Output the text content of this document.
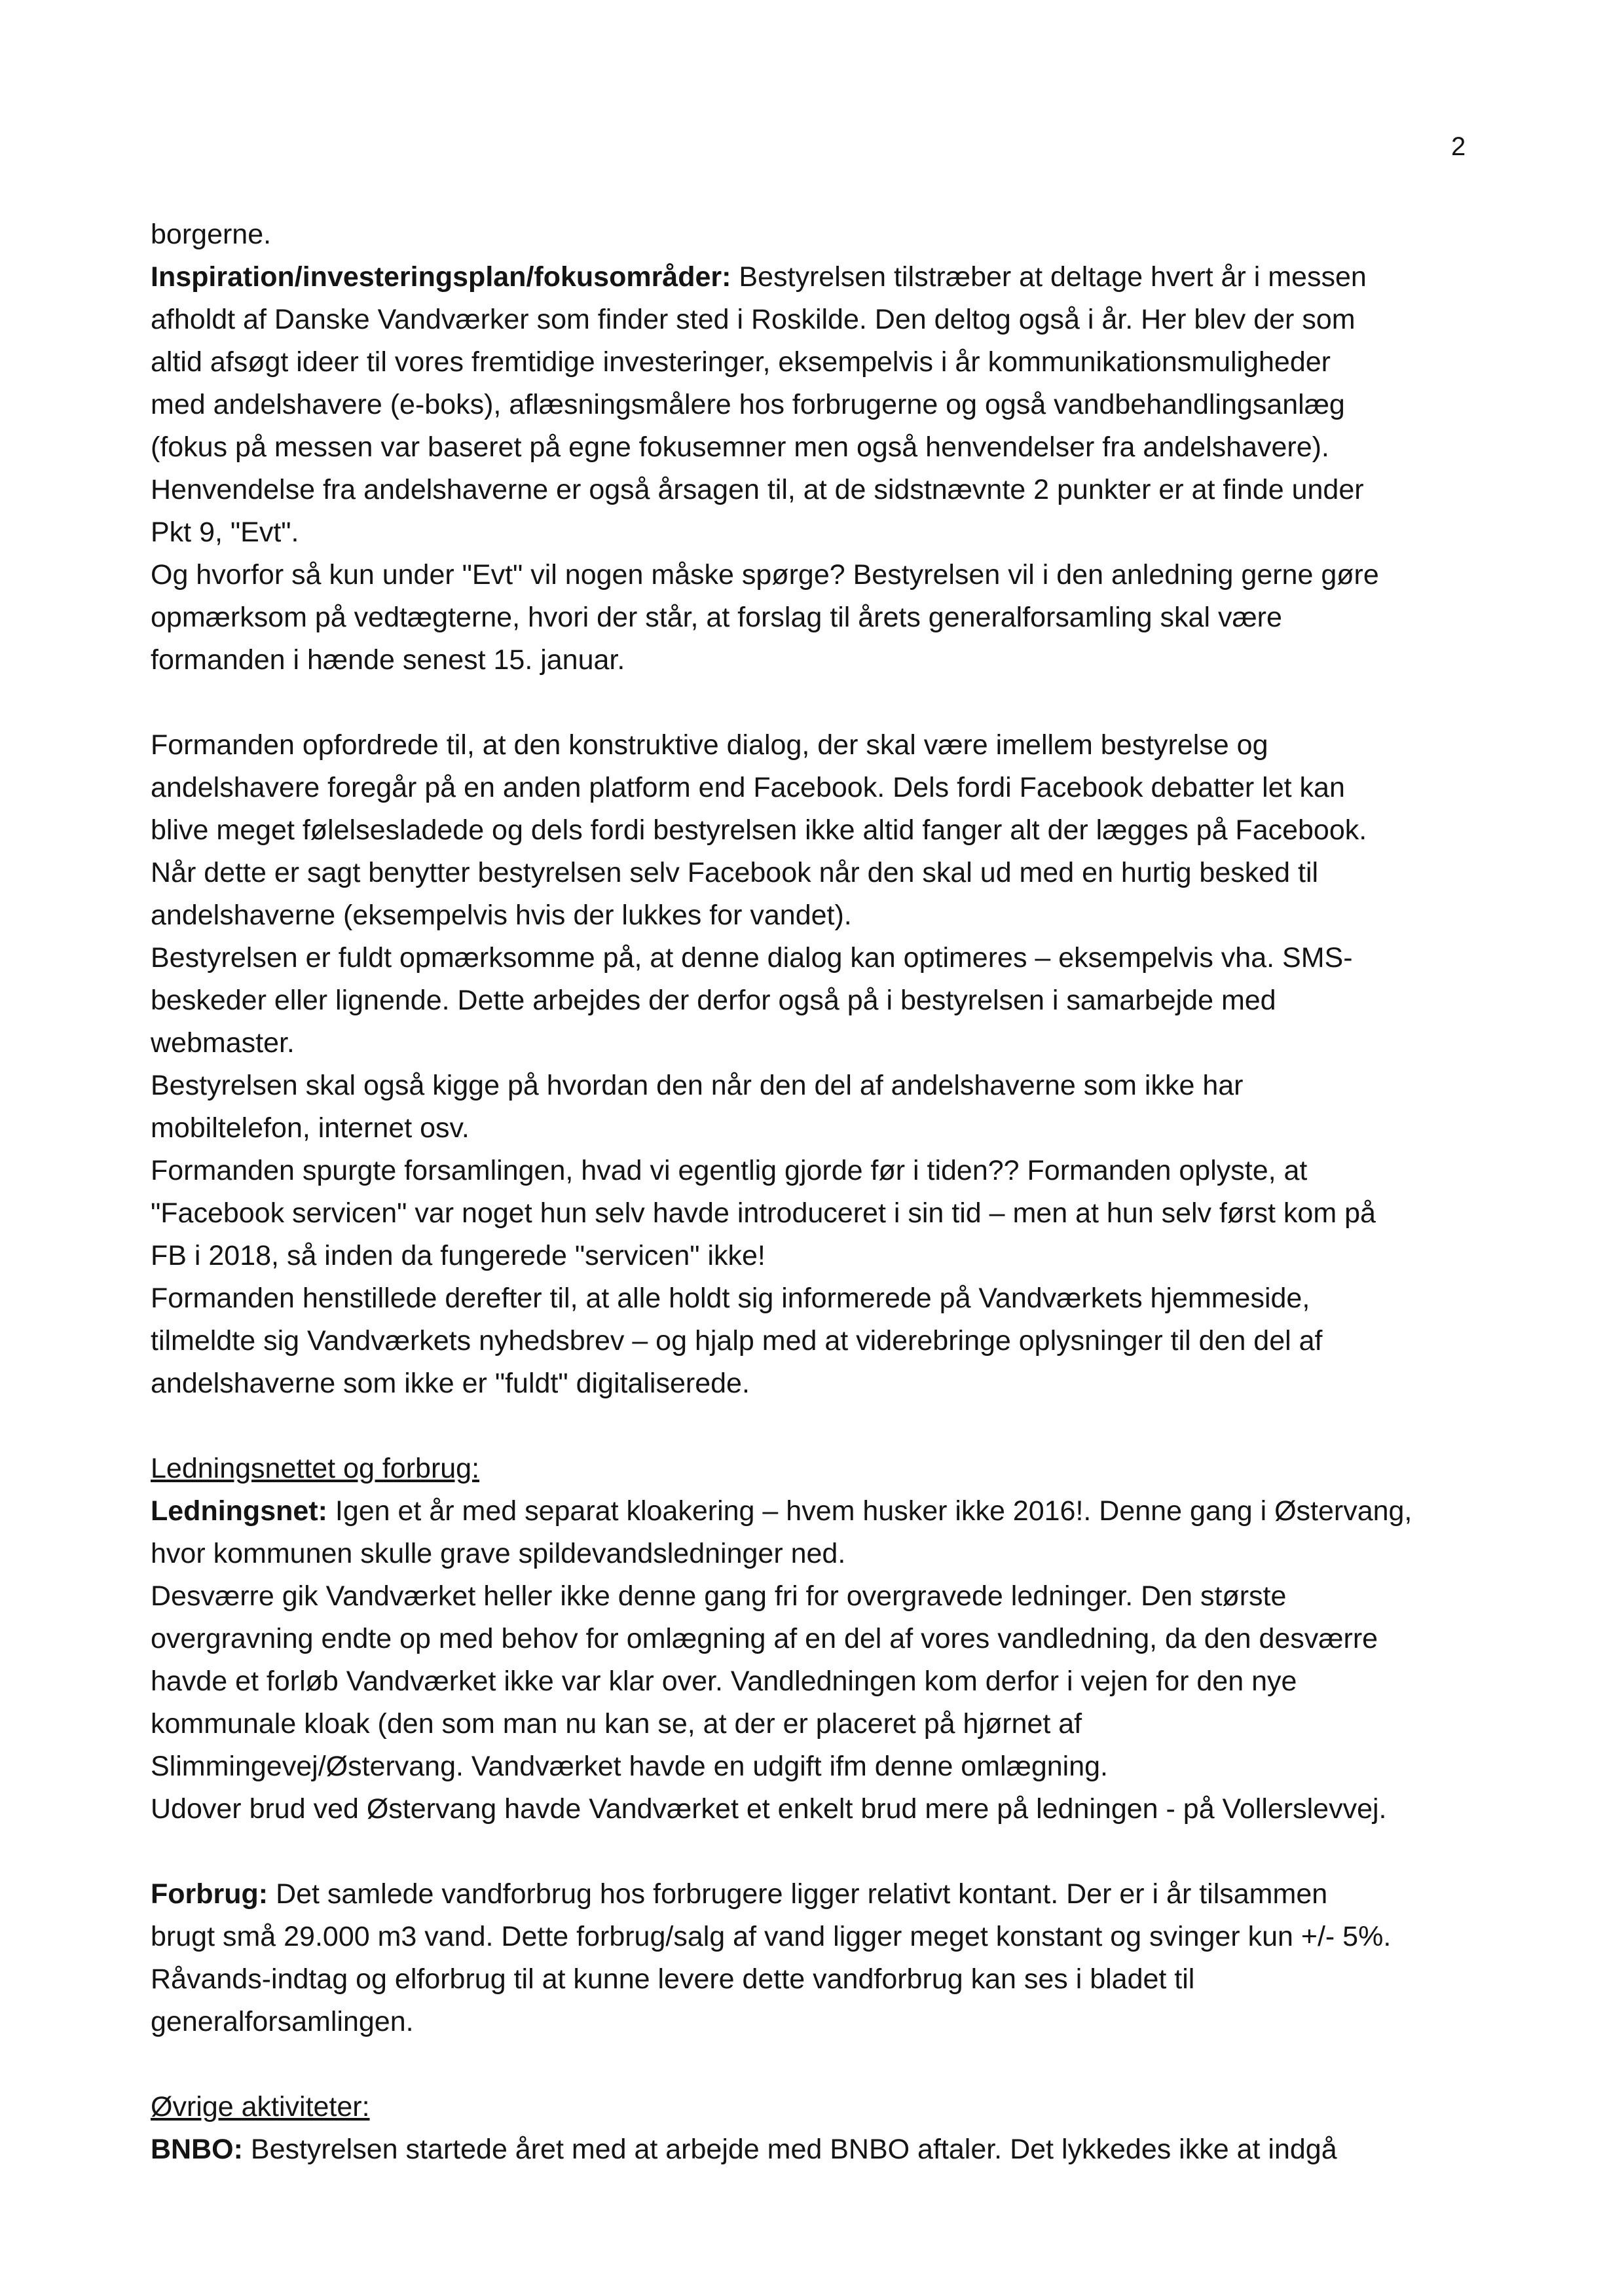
2
borgerne.
Inspiration/investeringsplan/fokusområder: Bestyrelsen tilstræber at deltage hvert år i messen
afholdt af Danske Vandværker som finder sted i Roskilde. Den deltog også i år. Her blev der som
altid afsøgt ideer til vores fremtidige investeringer, eksempelvis i år kommunikationsmuligheder
med andelshavere (e-boks), aflæsningsmålere hos forbrugerne og også vandbehandlingsanlæg
(fokus på messen var baseret på egne fokusemner men også henvendelser fra andelshavere).
Henvendelse fra andelshaverne er også årsagen til, at de sidstnævnte 2 punkter er at finde under
Pkt 9, "Evt".
Og hvorfor så kun under "Evt" vil nogen måske spørge? Bestyrelsen vil i den anledning gerne gøre
opmærksom på vedtægterne, hvori der står, at forslag til årets generalforsamling skal være
formanden i hænde senest 15. januar.
Formanden opfordrede til, at den konstruktive dialog, der skal være imellem bestyrelse og
andelshavere foregår på en anden platform end Facebook. Dels fordi Facebook debatter let kan
blive meget følelsesladede og dels fordi bestyrelsen ikke altid fanger alt der lægges på Facebook.
Når dette er sagt benytter bestyrelsen selv Facebook når den skal ud med en hurtig besked til
andelshaverne (eksempelvis hvis der lukkes for vandet).
Bestyrelsen er fuldt opmærksomme på, at denne dialog kan optimeres – eksempelvis vha. SMS-
beskeder eller lignende. Dette arbejdes der derfor også på i bestyrelsen i samarbejde med
webmaster.
Bestyrelsen skal også kigge på hvordan den når den del af andelshaverne som ikke har
mobiltelefon, internet osv.
Formanden spurgte forsamlingen, hvad vi egentlig gjorde før i tiden?? Formanden oplyste, at
"Facebook servicen" var noget hun selv havde introduceret i sin tid – men at hun selv først kom på
FB i 2018, så inden da fungerede "servicen" ikke!
Formanden henstillede derefter til, at alle holdt sig informerede på Vandværkets hjemmeside,
tilmeldte sig Vandværkets nyhedsbrev – og hjalp med at viderebringe oplysninger til den del af
andelshaverne som ikke er "fuldt" digitaliserede.
Ledningsnettet og forbrug:
Ledningsnet: Igen et år med separat kloakering – hvem husker ikke 2016!. Denne gang i Østervang,
hvor kommunen skulle grave spildevandsledninger ned.
Desværre gik Vandværket heller ikke denne gang fri for overgravede ledninger. Den største
overgravning endte op med behov for omlægning af en del af vores vandledning, da den desværre
havde et forløb Vandværket ikke var klar over. Vandledningen kom derfor i vejen for den nye
kommunale kloak (den som man nu kan se, at der er placeret på hjørnet af
Slimmingevej/Østervang. Vandværket havde en udgift ifm denne omlægning.
Udover brud ved Østervang havde Vandværket et enkelt brud mere på ledningen - på Vollerslevvej.
Forbrug: Det samlede vandforbrug hos forbrugere ligger relativt kontant. Der er i år tilsammen
brugt små 29.000 m3 vand. Dette forbrug/salg af vand ligger meget konstant og svinger kun +/- 5%.
Råvands-indtag og elforbrug til at kunne levere dette vandforbrug kan ses i bladet til
generalforsamlingen.
Øvrige aktiviteter:
BNBO: Bestyrelsen startede året med at arbejde med BNBO aftaler. Det lykkedes ikke at indgå
